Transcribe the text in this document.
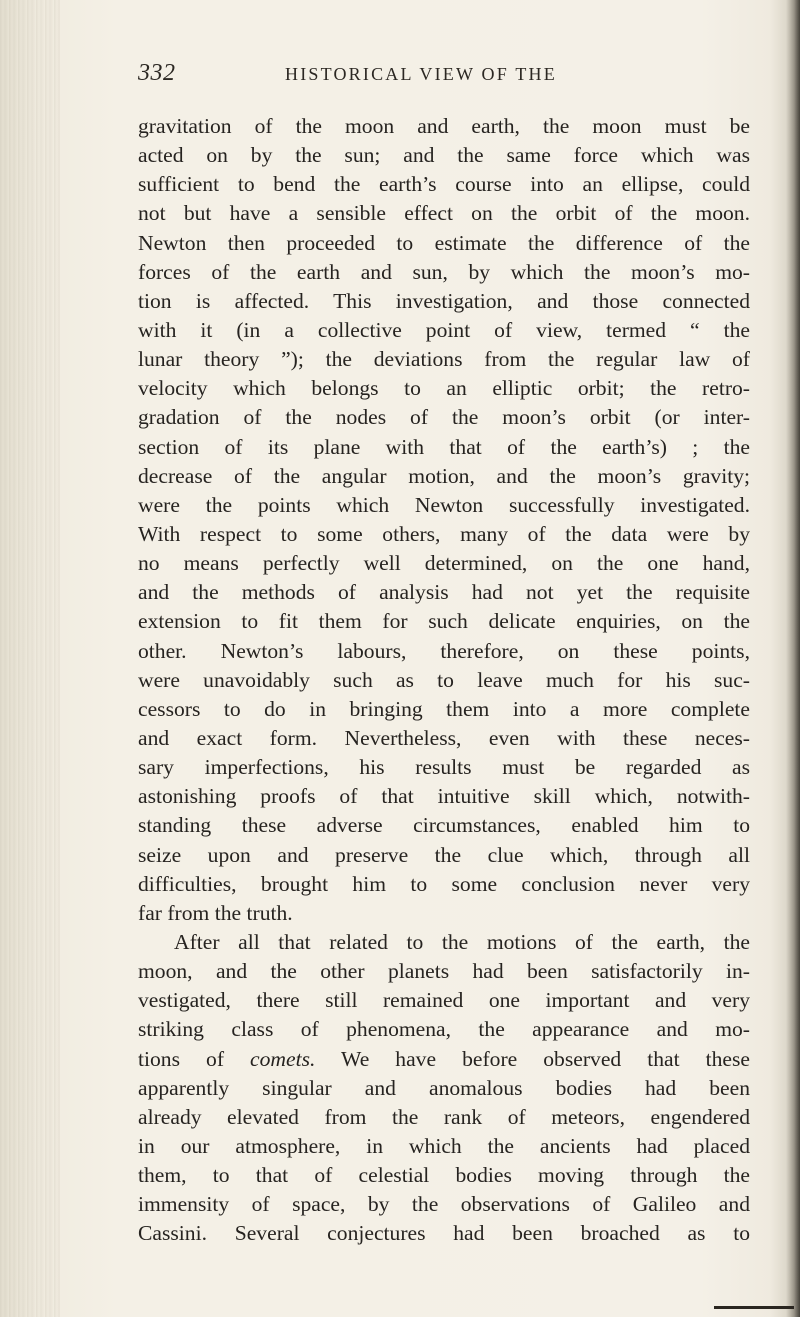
332	HISTORICAL VIEW OF THE
gravitation of the moon and earth, the moon must be
acted on by the sun; and the same force which was
sufficient to bend the earth’s course into an ellipse, could
not but have a sensible effect on the orbit of the moon.
Newton then proceeded to estimate the difference of the
forces of the earth and sun, by which the moon’s mo-
tion is affected. This investigation, and those connected
with it (in a collective point of view, termed “ the
lunar theory ”); the deviations from the regular law of
velocity which belongs to an elliptic orbit; the retro-
gradation of the nodes of the moon’s orbit (or inter-
section of its plane with that of the earth’s) ; the
decrease of the angular motion, and the moon’s gravity;
were the points which Newton successfully investigated.
With respect to some others, many of the data were by
no means perfectly well determined, on the one hand,
and the methods of analysis had not yet the requisite
extension to fit them for such delicate enquiries, on the
other. Newton’s labours, therefore, on these points,
were unavoidably such as to leave much for his suc-
cessors to do in bringing them into a more complete
and exact form. Nevertheless, even with these neces-
sary imperfections, his results must be regarded as
astonishing proofs of that intuitive skill which, notwith-
standing these adverse circumstances, enabled him to
seize upon and preserve the clue which, through all
difficulties, brought him to some conclusion never very
far from the truth.
After all that related to the motions of the earth, the
moon, and the other planets had been satisfactorily in-
vestigated, there still remained one important and very
striking class of phenomena, the appearance and mo-
tions of comets. We have before observed that these
apparently singular and anomalous bodies had been
already elevated from the rank of meteors, engendered
in our atmosphere, in which the ancients had placed
them, to that of celestial bodies moving through the
immensity of space, by the observations of Galileo and
Cassini. Several conjectures had been broached as to
